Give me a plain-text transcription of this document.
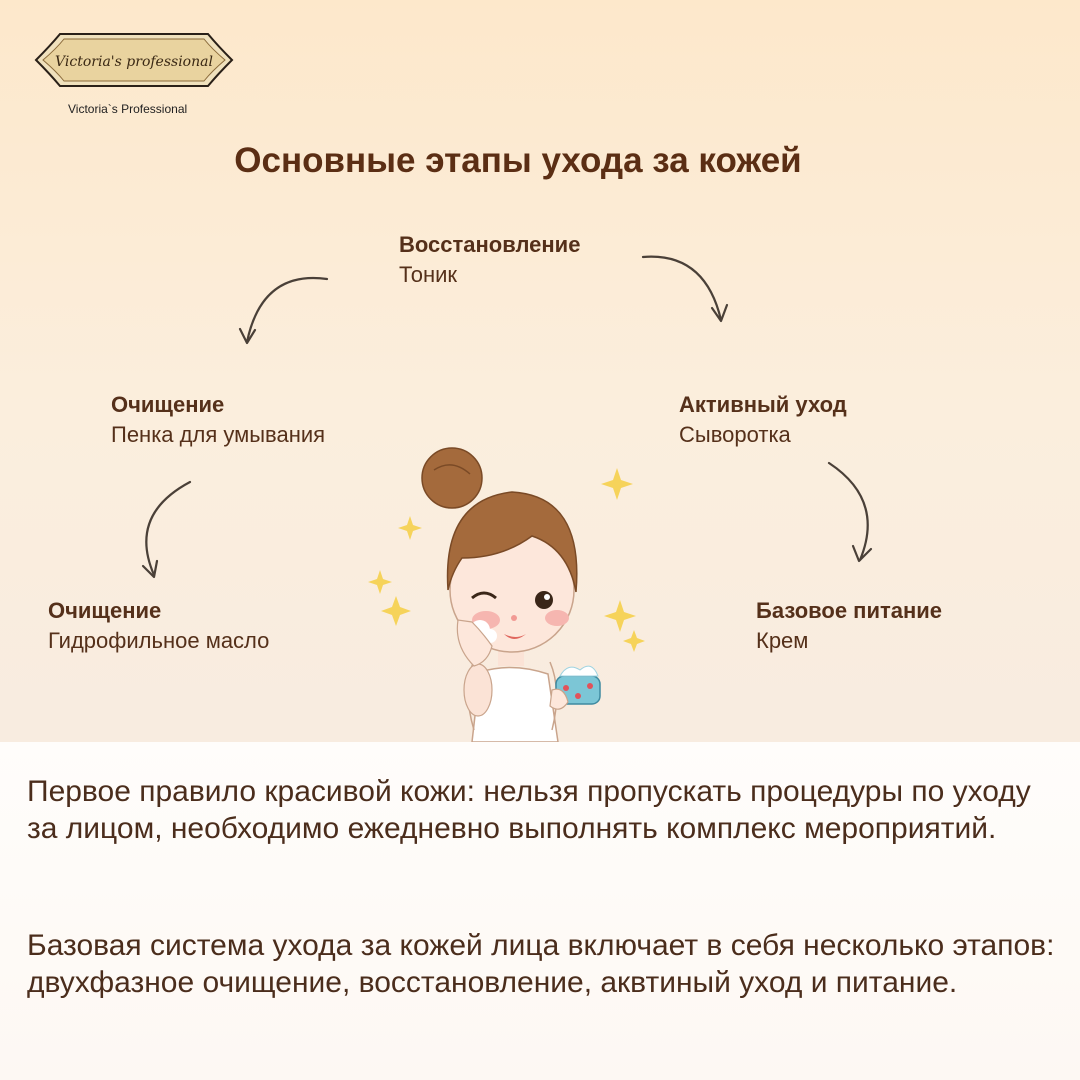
Victoria's professional
Victoria`s Professional
Основные этапы ухода за кожей
Восстановление
Тоник
Активный уход
Сыворотка
Базовое питание
Крем
Очищение
Гидрофильное масло
Очищение
Пенка для умывания

Первое правило красивой кожи: нельзя пропускать процедуры по уходу за лицом, необходимо ежедневно выполнять комплекс мероприятий.

Базовая система ухода за кожей лица включает в себя несколько этапов: двухфазное очищение, восстановление, аквтиный уход и питание.
